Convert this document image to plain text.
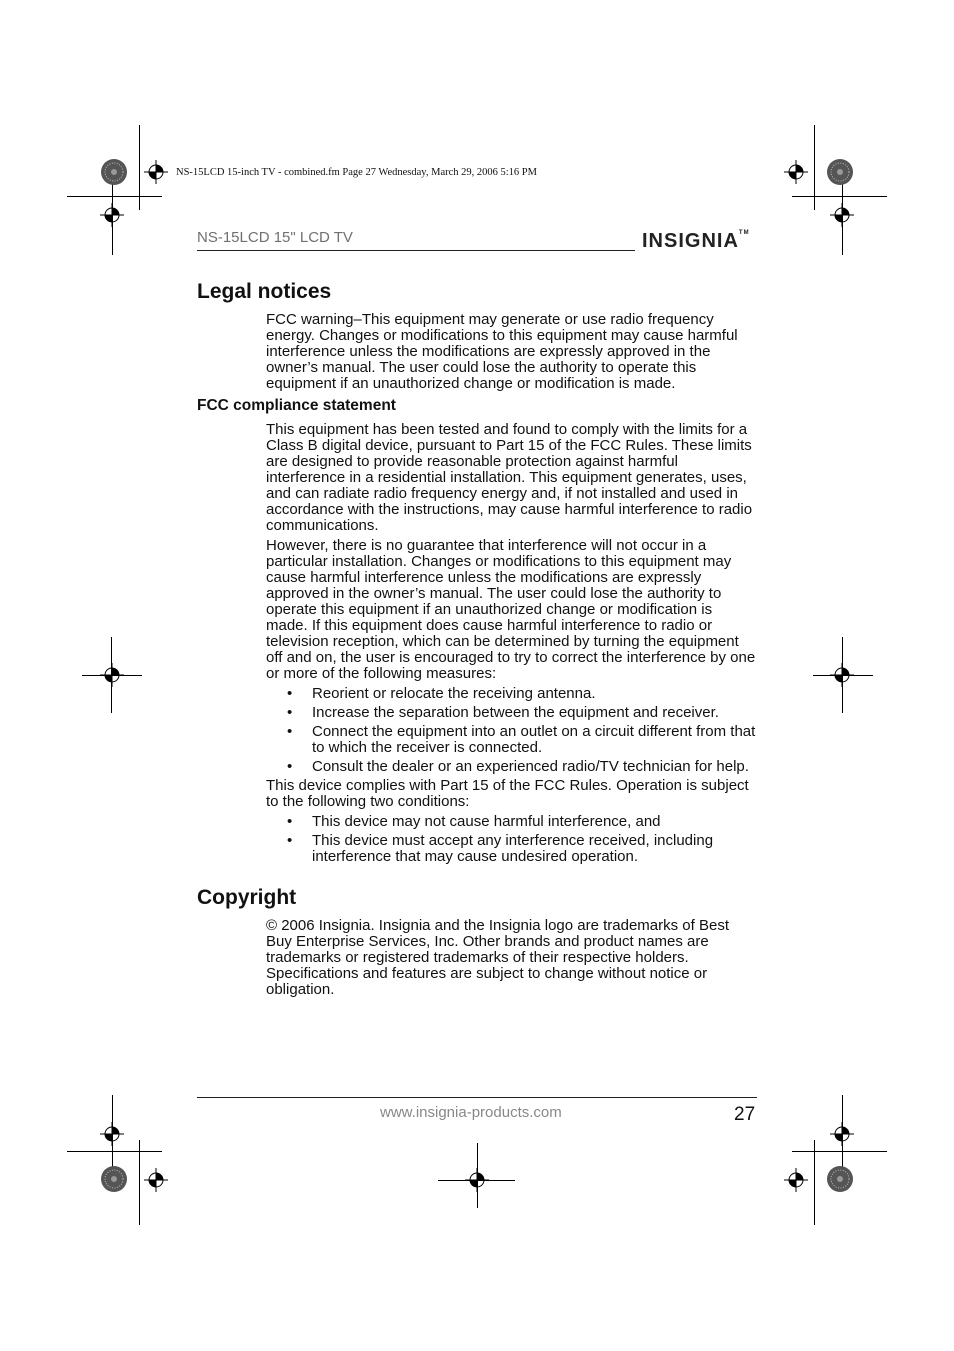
NS-15LCD 15-inch TV - combined.fm Page 27 Wednesday, March 29, 2006 5:16 PM
NS-15LCD 15" LCD TV	INSIGNIA™
Legal notices

FCC warning–This equipment may generate or use radio frequency energy. Changes or modifications to this equipment may cause harmful interference unless the modifications are expressly approved in the owner’s manual. The user could lose the authority to operate this equipment if an unauthorized change or modification is made.

FCC compliance statement

This equipment has been tested and found to comply with the limits for a Class B digital device, pursuant to Part 15 of the FCC Rules. These limits are designed to provide reasonable protection against harmful interference in a residential installation. This equipment generates, uses, and can radiate radio frequency energy and, if not installed and used in accordance with the instructions, may cause harmful interference to radio communications.

However, there is no guarantee that interference will not occur in a particular installation. Changes or modifications to this equipment may cause harmful interference unless the modifications are expressly approved in the owner’s manual. The user could lose the authority to operate this equipment if an unauthorized change or modification is made. If this equipment does cause harmful interference to radio or television reception, which can be determined by turning the equipment off and on, the user is encouraged to try to correct the interference by one or more of the following measures:

• Reorient or relocate the receiving antenna.
• Increase the separation between the equipment and receiver.
• Connect the equipment into an outlet on a circuit different from that to which the receiver is connected.
• Consult the dealer or an experienced radio/TV technician for help.

This device complies with Part 15 of the FCC Rules. Operation is subject to the following two conditions:

• This device may not cause harmful interference, and
• This device must accept any interference received, including interference that may cause undesired operation.
Copyright

© 2006 Insignia. Insignia and the Insignia logo are trademarks of Best Buy Enterprise Services, Inc. Other brands and product names are trademarks or registered trademarks of their respective holders. Specifications and features are subject to change without notice or obligation.

www.insignia-products.com	27
